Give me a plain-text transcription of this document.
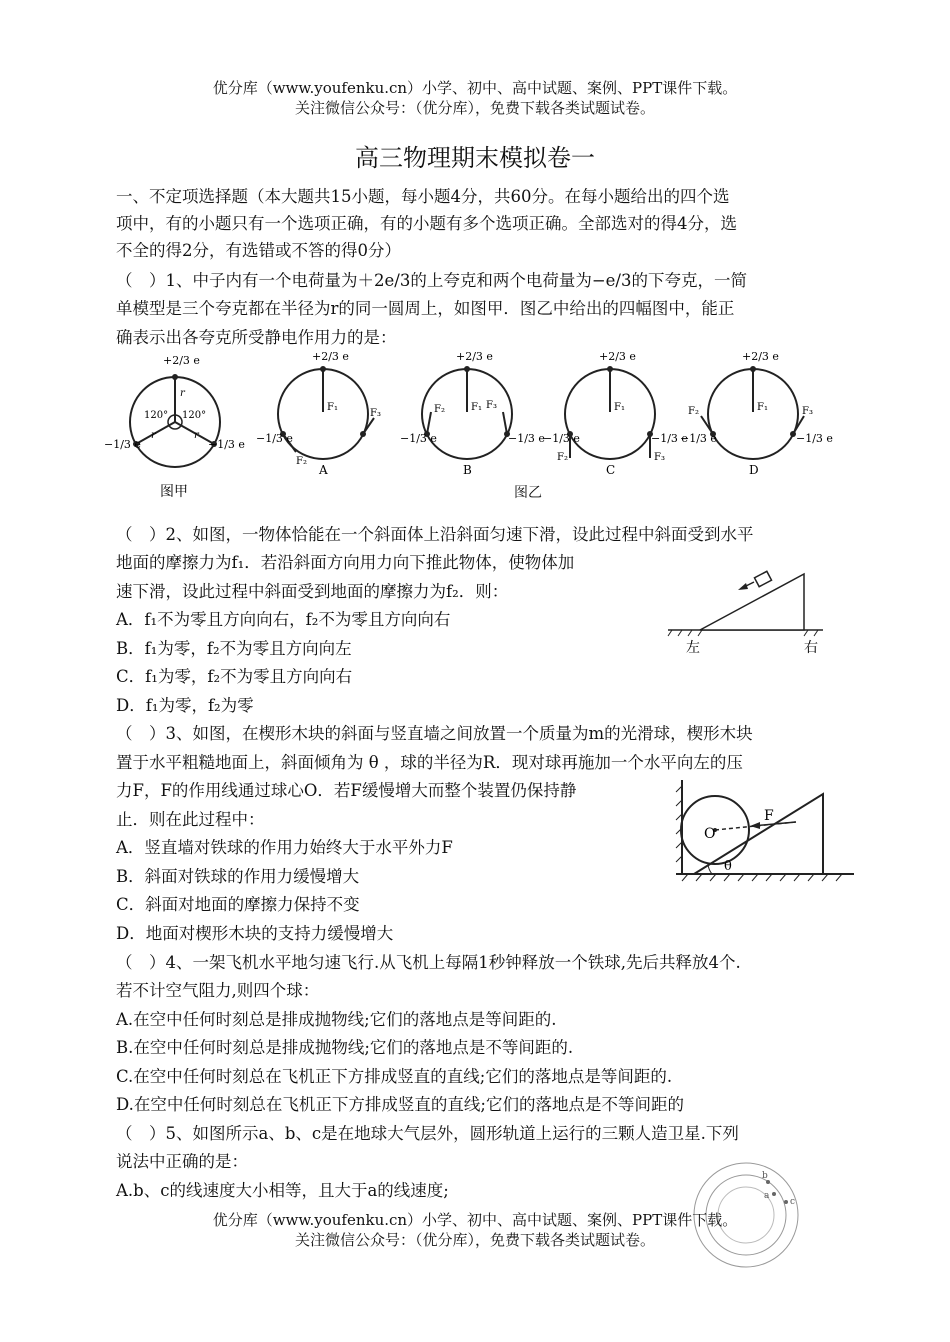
优分库（www.youfenku.cn）小学、初中、高中试题、案例、PPT课件下载。
关注微信公众号：（优分库），免费下载各类试题试卷。
高三物理期末模拟卷一
一、不定项选择题（本大题共15小题，每小题4分，共60分。在每小题给出的四个选
项中，有的小题只有一个选项正确，有的小题有多个选项正确。全部选对的得4分，选
不全的得2分，有选错或不答的得0分）
（　）1、中子内有一个电荷量为＋2e/3的上夸克和两个电荷量为−e/3的下夸克，一简
单模型是三个夸克都在半径为r的同一圆周上，如图甲．图乙中给出的四幅图中，能正
确表示出各夸克所受静电作用力的是：
+2/3 e
−1/3 e	−1/3 e
120° 120°
r
r	r
图甲
+2/3 e
−1/3 e
F₁
F₂
F₃
A
+2/3 e
−1/3 e	−1/3 e
F₁
F₂	F₃
B
+2/3 e
−1/3 e	−1/3 e
F₁
F₂	F₃
C
+2/3 e
−1/3 e	−1/3 e
F₁
F₂	F₃
D
图乙
（　）2、如图，一物体恰能在一个斜面体上沿斜面匀速下滑，设此过程中斜面受到水平
地面的摩擦力为f₁．若沿斜面方向用力向下推此物体，使物体加
速下滑，设此过程中斜面受到地面的摩擦力为f₂．则：
A．f₁不为零且方向向右，f₂不为零且方向向右
B．f₁为零，f₂不为零且方向向左
C．f₁为零，f₂不为零且方向向右
D．f₁为零，f₂为零
左	右
（　）3、如图，在楔形木块的斜面与竖直墙之间放置一个质量为m的光滑球，楔形木块
置于水平粗糙地面上，斜面倾角为 θ ，球的半径为R．现对球再施加一个水平向左的压
力F，F的作用线通过球心O．若F缓慢增大而整个装置仍保持静
止．则在此过程中：
A．竖直墙对铁球的作用力始终大于水平外力F
B．斜面对铁球的作用力缓慢增大
C．斜面对地面的摩擦力保持不变
D．地面对楔形木块的支持力缓慢增大
O
F
θ
（　）4、一架飞机水平地匀速飞行.从飞机上每隔1秒钟释放一个铁球,先后共释放4个.
若不计空气阻力,则四个球：
A.在空中任何时刻总是排成抛物线;它们的落地点是等间距的.
B.在空中任何时刻总是排成抛物线;它们的落地点是不等间距的.
C.在空中任何时刻总在飞机正下方排成竖直的直线;它们的落地点是等间距的.
D.在空中任何时刻总在飞机正下方排成竖直的直线;它们的落地点是不等间距的
（　）5、如图所示a、b、c是在地球大气层外，圆形轨道上运行的三颗人造卫星.下列
说法中正确的是：
A.b、c的线速度大小相等，且大于a的线速度;
b
a
c
优分库（www.youfenku.cn）小学、初中、高中试题、案例、PPT课件下载。
关注微信公众号：（优分库），免费下载各类试题试卷。
